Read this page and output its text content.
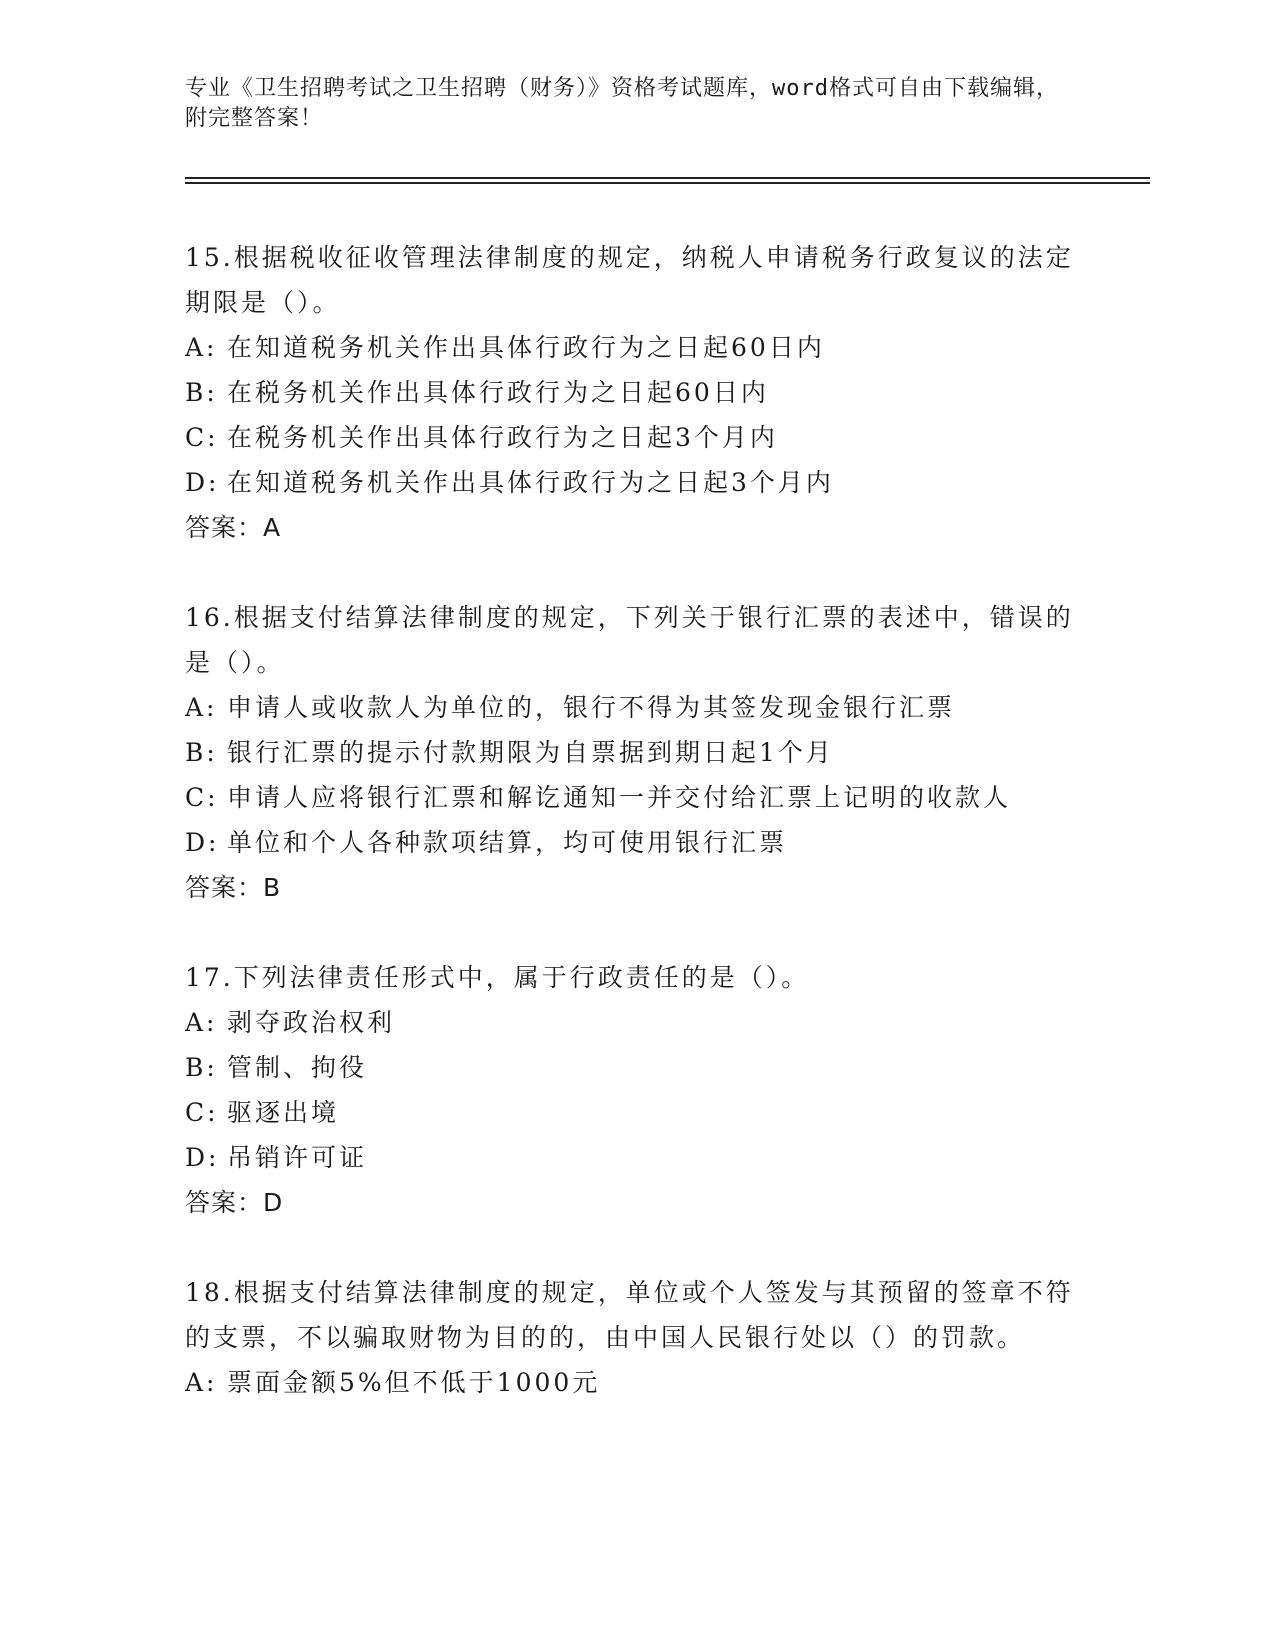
专业《卫生招聘考试之卫生招聘（财务）》资格考试题库，word格式可自由下载编辑，附完整答案！

15.根据税收征收管理法律制度的规定，纳税人申请税务行政复议的法定期限是（）。

A: 在知道税务机关作出具体行政行为之日起60日内

B: 在税务机关作出具体行政行为之日起60日内

C: 在税务机关作出具体行政行为之日起3个月内

D: 在知道税务机关作出具体行政行为之日起3个月内

答案：A

16.根据支付结算法律制度的规定，下列关于银行汇票的表述中，错误的是（）。

A: 申请人或收款人为单位的，银行不得为其签发现金银行汇票

B: 银行汇票的提示付款期限为自票据到期日起1个月

C: 申请人应将银行汇票和解讫通知一并交付给汇票上记明的收款人

D: 单位和个人各种款项结算，均可使用银行汇票

答案：B

17.下列法律责任形式中，属于行政责任的是（）。

A: 剥夺政治权利

B: 管制、拘役

C: 驱逐出境

D: 吊销许可证

答案：D

18.根据支付结算法律制度的规定，单位或个人签发与其预留的签章不符的支票，不以骗取财物为目的的，由中国人民银行处以（）的罚款。

A: 票面金额5%但不低于1000元
